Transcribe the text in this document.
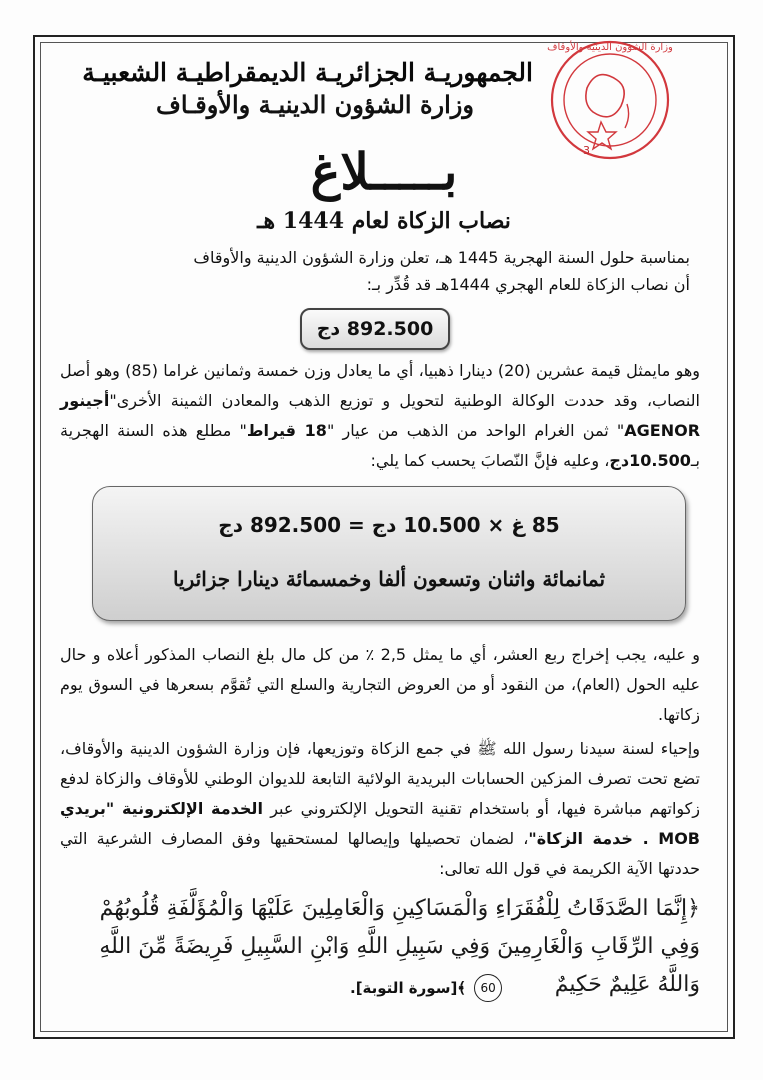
وزارة الشؤون الدينية والأوقاف
3
الجمهوريـة الجزائريـة الديمقراطيـة الشعبيـة
وزارة الشؤون الدينيـة والأوقـاف
بـــــلاغ
نصاب الزكاة لعام 1444 هـ
بمناسبة حلول السنة الهجرية 1445 هـ، تعلن وزارة الشؤون الدينية والأوقاف
أن نصاب الزكاة للعام الهجري 1444هـ قد قُدِّر بـ:
892.500 دج
وهو مايمثل قيمة عشرين (20) دينارا ذهبيا، أي ما يعادل وزن خمسة وثمانين غراما (85) وهو أصل النصاب، وقد حددت الوكالة الوطنية لتحويل و توزيع الذهب والمعادن الثمينة الأخرى"أجينور AGENOR" ثمن الغرام الواحد من الذهب من عيار "18 قيراط" مطلع هذه السنة الهجرية بـ10.500دج، وعليه فإنَّ النّصابَ يحسب كما يلي:
85 غ × 10.500 دج = 892.500 دج
ثمانمائة واثنان وتسعون ألفا وخمسمائة دينارا جزائريا
و عليه، يجب إخراج ربع العشر، أي ما يمثل 2,5 ٪ من كل مال بلغ النصاب المذكور أعلاه و حال عليه الحول (العام)، من النقود أو من العروض التجارية والسلع التي تُقوَّم بسعرها في السوق يوم زكاتها.
وإحياء لسنة سيدنا رسول الله ﷺ في جمع الزكاة وتوزيعها، فإن وزارة الشؤون الدينية والأوقاف، تضع تحت تصرف المزكين الحسابات البريدية الولائية التابعة للديوان الوطني للأوقاف والزكاة لدفع زكواتهم مباشرة فيها، أو باستخدام تقنية التحويل الإلكتروني عبر الخدمة الإلكترونية "بريدي MOB . خدمة الزكاة"، لضمان تحصيلها وإيصالها لمستحقيها وفق المصارف الشرعية التي حددتها الآية الكريمة في قول الله تعالى:
﴿إِنَّمَا الصَّدَقَاتُ لِلْفُقَرَاءِ وَالْمَسَاكِينِ وَالْعَامِلِينَ عَلَيْهَا وَالْمُؤَلَّفَةِ قُلُوبُهُمْ وَفِي الرِّقَابِ وَالْغَارِمِينَ وَفِي سَبِيلِ اللَّهِ وَابْنِ السَّبِيلِ فَرِيضَةً مِّنَ اللَّهِ وَاللَّهُ عَلِيمٌ حَكِيمٌ
60
﴾[سورة التوبة].
